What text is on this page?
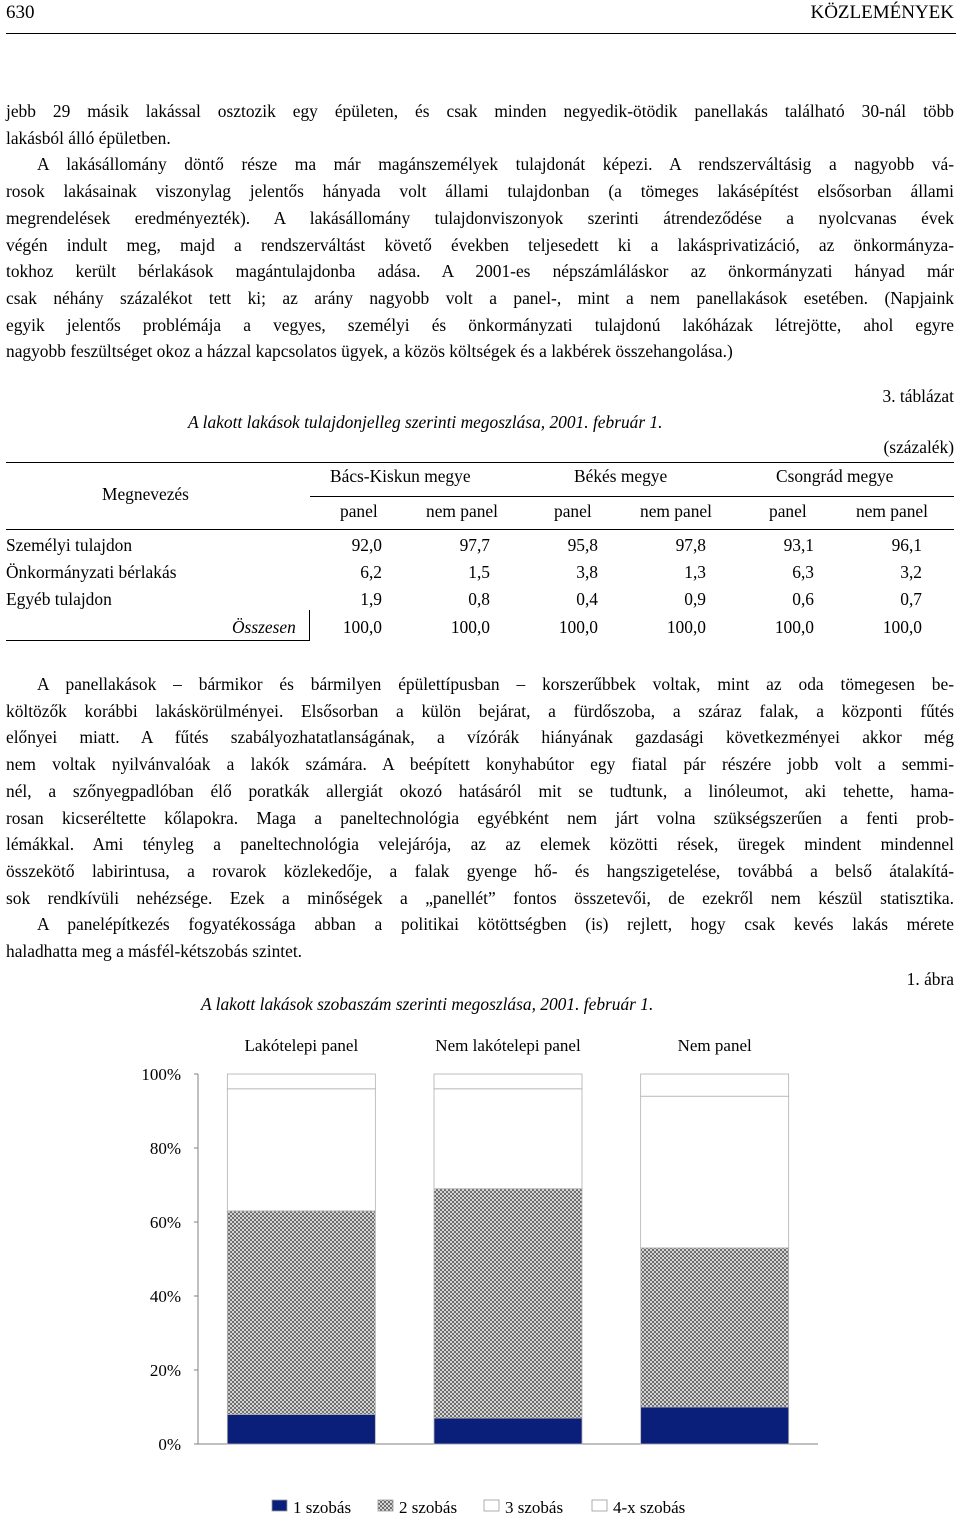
630	KÖZLEMÉNYEK
jebb 29 másik lakással osztozik egy épületen, és csak minden negyedik-ötödik panellakás található 30-nál több
lakásból álló épületben.
A lakásállomány döntő része ma már magánszemélyek tulajdonát képezi. A rendszerváltásig a nagyobb vá-
rosok lakásainak viszonylag jelentős hányada volt állami tulajdonban (a tömeges lakásépítést elsősorban állami
megrendelések eredményezték). A lakásállomány tulajdonviszonyok szerinti átrendeződése a nyolcvanas évek
végén indult meg, majd a rendszerváltást követő években teljesedett ki a lakásprivatizáció, az önkormányza-
tokhoz került bérlakások magántulajdonba adása. A 2001-es népszámláláskor az önkormányzati hányad már
csak néhány százalékot tett ki; az arány nagyobb volt a panel-, mint a nem panellakások esetében. (Napjaink
egyik jelentős problémája a vegyes, személyi és önkormányzati tulajdonú lakóházak létrejötte, ahol egyre
nagyobb feszültséget okoz a házzal kapcsolatos ügyek, a közös költségek és a lakbérek összehangolása.)
3. táblázat
A lakott lakások tulajdonjelleg szerinti megoszlása, 2001. február 1.
(százalék)
Megnevezés
Bács-Kiskun megye	Békés megye	Csongrád megye
panel	nem panel	panel	nem panel	panel	nem panel
Személyi tulajdon	92,0	97,7	95,8	97,8	93,1	96,1
Önkormányzati bérlakás	6,2	1,5	3,8	1,3	6,3	3,2
Egyéb tulajdon	1,9	0,8	0,4	0,9	0,6	0,7
Összesen	100,0	100,0	100,0	100,0	100,0	100,0
A panellakások – bármikor és bármilyen épülettípusban – korszerűbbek voltak, mint az oda tömegesen be-
költözők korábbi lakáskörülményei. Elsősorban a külön bejárat, a fürdőszoba, a száraz falak, a központi fűtés
előnyei miatt. A fűtés szabályozhatatlanságának, a vízórák hiányának gazdasági következményei akkor még
nem voltak nyilvánvalóak a lakók számára. A beépített konyhabútor egy fiatal pár részére jobb volt a semmi-
nél, a szőnyegpadlóban élő poratkák allergiát okozó hatásáról mit se tudtunk, a linóleumot, aki tehette, hama-
rosan kicseréltette kőlapokra. Maga a paneltechnológia egyébként nem járt volna szükségszerűen a fenti prob-
lémákkal. Ami tényleg a paneltechnológia velejárója, az az elemek közötti rések, üregek mindent mindennel
összekötő labirintusa, a rovarok közlekedője, a falak gyenge hő- és hangszigetelése, továbbá a belső átalakítá-
sok rendkívüli nehézsége. Ezek a minőségek a „panellét” fontos összetevői, de ezekről nem készül statisztika.
A panelépítkezés fogyatékossága abban a politikai kötöttségben (is) rejlett, hogy csak kevés lakás mérete
haladhatta meg a másfél-kétszobás szintet.
1. ábra
A lakott lakások szobaszám szerinti megoszlása, 2001. február 1.
0%
20%
40%
60%
80%
100%
Lakótelepi panel	Nem lakótelepi panel	Nem panel
1 szobás	2 szobás	3 szobás	4-x szobás
